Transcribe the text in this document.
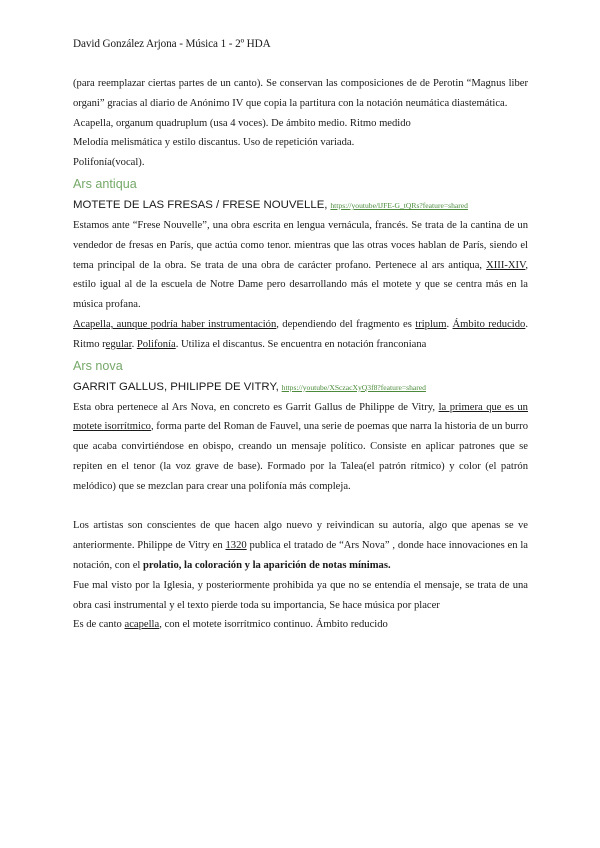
David González Arjona - Música 1 - 2º HDA

(para reemplazar ciertas partes de un canto). Se conservan las composiciones de de Perotin “Magnus liber organi” gracias al diario de Anónimo IV que copia la partitura con la notación neumática diastemática.

Acapella, organum quadruplum (usa 4 voces). De ámbito medio. Ritmo medido

Melodía melismática y estilo discantus. Uso de repetición variada.

Polifonía(vocal).

Ars antiqua
MOTETE DE LAS FRESAS / FRESE NOUVELLE, https://youtube/lJFE-G_tQRs?feature=shared

Estamos ante “Frese Nouvelle”, una obra escrita en lengua vernácula, francés. Se trata de la cantina de un vendedor de fresas en París, que actúa como tenor. mientras que las otras voces hablan de París, siendo el tema principal de la obra. Se trata de una obra de carácter profano. Pertenece al ars antiqua, XIII-XIV, estilo igual al de la escuela de Notre Dame pero desarrollando más el motete y que se centra más en la música profana.

Acapella, aunque podría haber instrumentación, dependiendo del fragmento es triplum. Ámbito reducido. Ritmo regular. Polifonía. Utiliza el discantus. Se encuentra en notación franconiana

Ars nova
GARRIT GALLUS, PHILIPPE DE VITRY, https://youtube/XSczacXyQ3f8?feature=shared

Esta obra pertenece al Ars Nova, en concreto es Garrit Gallus de Philippe de Vitry, la primera que es un motete isorrítmico, forma parte del Roman de Fauvel, una serie de poemas que narra la historia de un burro que acaba convirtiéndose en obispo, creando un mensaje político. Consiste en aplicar patrones que se repiten en el tenor (la voz grave de base). Formado por la Talea(el patrón rítmico) y color (el patrón melódico) que se mezclan para crear una polifonía más compleja.

Los artistas son conscientes de que hacen algo nuevo y reivindican su autoría, algo que apenas se ve anteriormente. Philippe de Vitry en 1320 publica el tratado de “Ars Nova” , donde hace innovaciones en la notación, con el prolatio, la coloración y la aparición de notas mínimas.

Fue mal visto por la Iglesia, y posteriormente prohibida ya que no se entendía el mensaje, se trata de una obra casi instrumental y el texto pierde toda su importancia, Se hace música por placer

Es de canto acapella, con el motete isorrítmico continuo. Ámbito reducido
